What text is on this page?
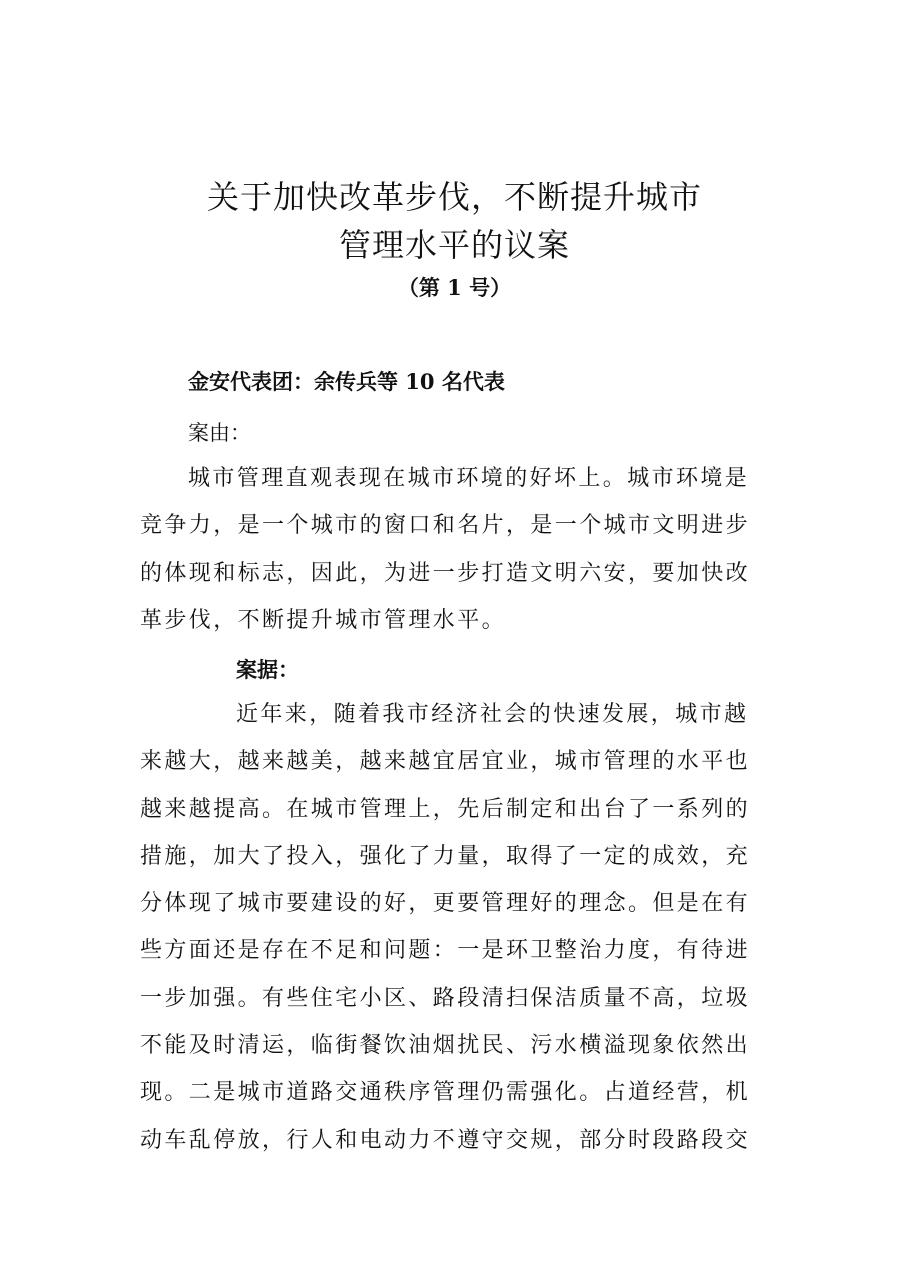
关于加快改革步伐，不断提升城市
管理水平的议案
（第 1 号）
金安代表团：余传兵等 10 名代表
案由：
城市管理直观表现在城市环境的好坏上。城市环境是
竞争力，是一个城市的窗口和名片，是一个城市文明进步
的体现和标志，因此，为进一步打造文明六安，要加快改
革步伐，不断提升城市管理水平。
案据：
近年来，随着我市经济社会的快速发展，城市越
来越大，越来越美，越来越宜居宜业，城市管理的水平也
越来越提高。在城市管理上，先后制定和出台了一系列的
措施，加大了投入，强化了力量，取得了一定的成效，充
分体现了城市要建设的好，更要管理好的理念。但是在有
些方面还是存在不足和问题：一是环卫整治力度，有待进
一步加强。有些住宅小区、路段清扫保洁质量不高，垃圾
不能及时清运，临街餐饮油烟扰民、污水横溢现象依然出
现。二是城市道路交通秩序管理仍需强化。占道经营，机
动车乱停放，行人和电动力不遵守交规，部分时段路段交
